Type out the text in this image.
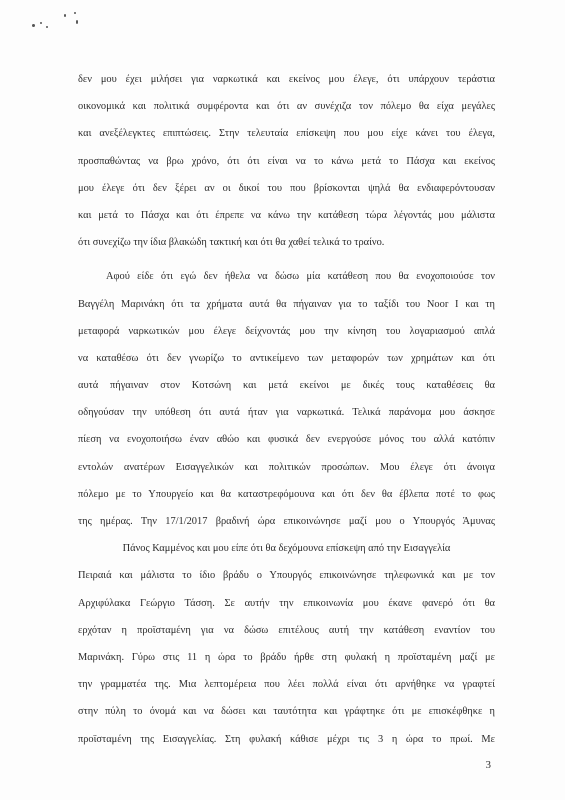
δεν μου έχει μιλήσει για ναρκωτικά και εκείνος μου έλεγε, ότι υπάρχουν τεράστια
οικονομικά και πολιτικά συμφέροντα και ότι αν συνέχιζα τον πόλεμο θα είχα μεγάλες
και ανεξέλεγκτες επιπτώσεις. Στην τελευταία επίσκεψη που μου είχε κάνει του έλεγα,
προσπαθώντας να βρω χρόνο, ότι ότι είναι να το κάνω μετά το Πάσχα και εκείνος
μου έλεγε ότι δεν ξέρει αν οι δικοί του που βρίσκονται ψηλά θα ενδιαφερόντουσαν
και μετά το Πάσχα και ότι έπρεπε να κάνω την κατάθεση τώρα λέγοντάς μου μάλιστα
ότι συνεχίζω την ίδια βλακώδη τακτική και ότι θα χαθεί τελικά το τραίνο.
Αφού είδε ότι εγώ δεν ήθελα να δώσω μία κατάθεση που θα ενοχοποιούσε τον
Βαγγέλη Μαρινάκη ότι τα χρήματα αυτά θα πήγαιναν για το ταξίδι του Noor I και τη
μεταφορά ναρκωτικών μου έλεγε δείχνοντάς μου την κίνηση του λογαριασμού απλά
να καταθέσω ότι δεν γνωρίζω το αντικείμενο των μεταφορών των χρημάτων και ότι
αυτά πήγαιναν στον Κοτσώνη και μετά εκείνοι με δικές τους καταθέσεις θα
οδηγούσαν την υπόθεση ότι αυτά ήταν για ναρκωτικά. Τελικά παράνομα μου άσκησε
πίεση να ενοχοποιήσω έναν αθώο και φυσικά δεν ενεργούσε μόνος του αλλά κατόπιν
εντολών ανατέρων Εισαγγελικών και πολιτικών προσώπων. Μου έλεγε ότι άνοιγα
πόλεμο με το Υπουργείο και θα καταστρεφόμουνα και ότι δεν θα έβλεπα ποτέ το φως
της ημέρας. Την 17/1/2017 βραδινή ώρα επικοινώνησε μαζί μου ο Υπουργός Άμυνας
Πάνος Καμμένος και μου είπε ότι θα δεχόμουνα επίσκεψη από την Εισαγγελία
Πειραιά και μάλιστα το ίδιο βράδυ ο Υπουργός επικοινώνησε τηλεφωνικά και με τον
Αρχιφύλακα Γεώργιο Τάσση. Σε αυτήν την επικοινωνία μου έκανε φανερό ότι θα
ερχόταν η προϊσταμένη για να δώσω επιτέλους αυτή την κατάθεση εναντίον του
Μαρινάκη. Γύρω στις 11 η ώρα το βράδυ ήρθε στη φυλακή η προϊσταμένη μαζί με
την γραμματέα της. Μια λεπτομέρεια που λέει πολλά είναι ότι αρνήθηκε να γραφτεί
στην πύλη το όνομά και να δώσει και ταυτότητα και γράφτηκε ότι με επισκέφθηκε η
προϊσταμένη της Εισαγγελίας. Στη φυλακή κάθισε μέχρι τις 3 η ώρα το πρωί. Με
3
